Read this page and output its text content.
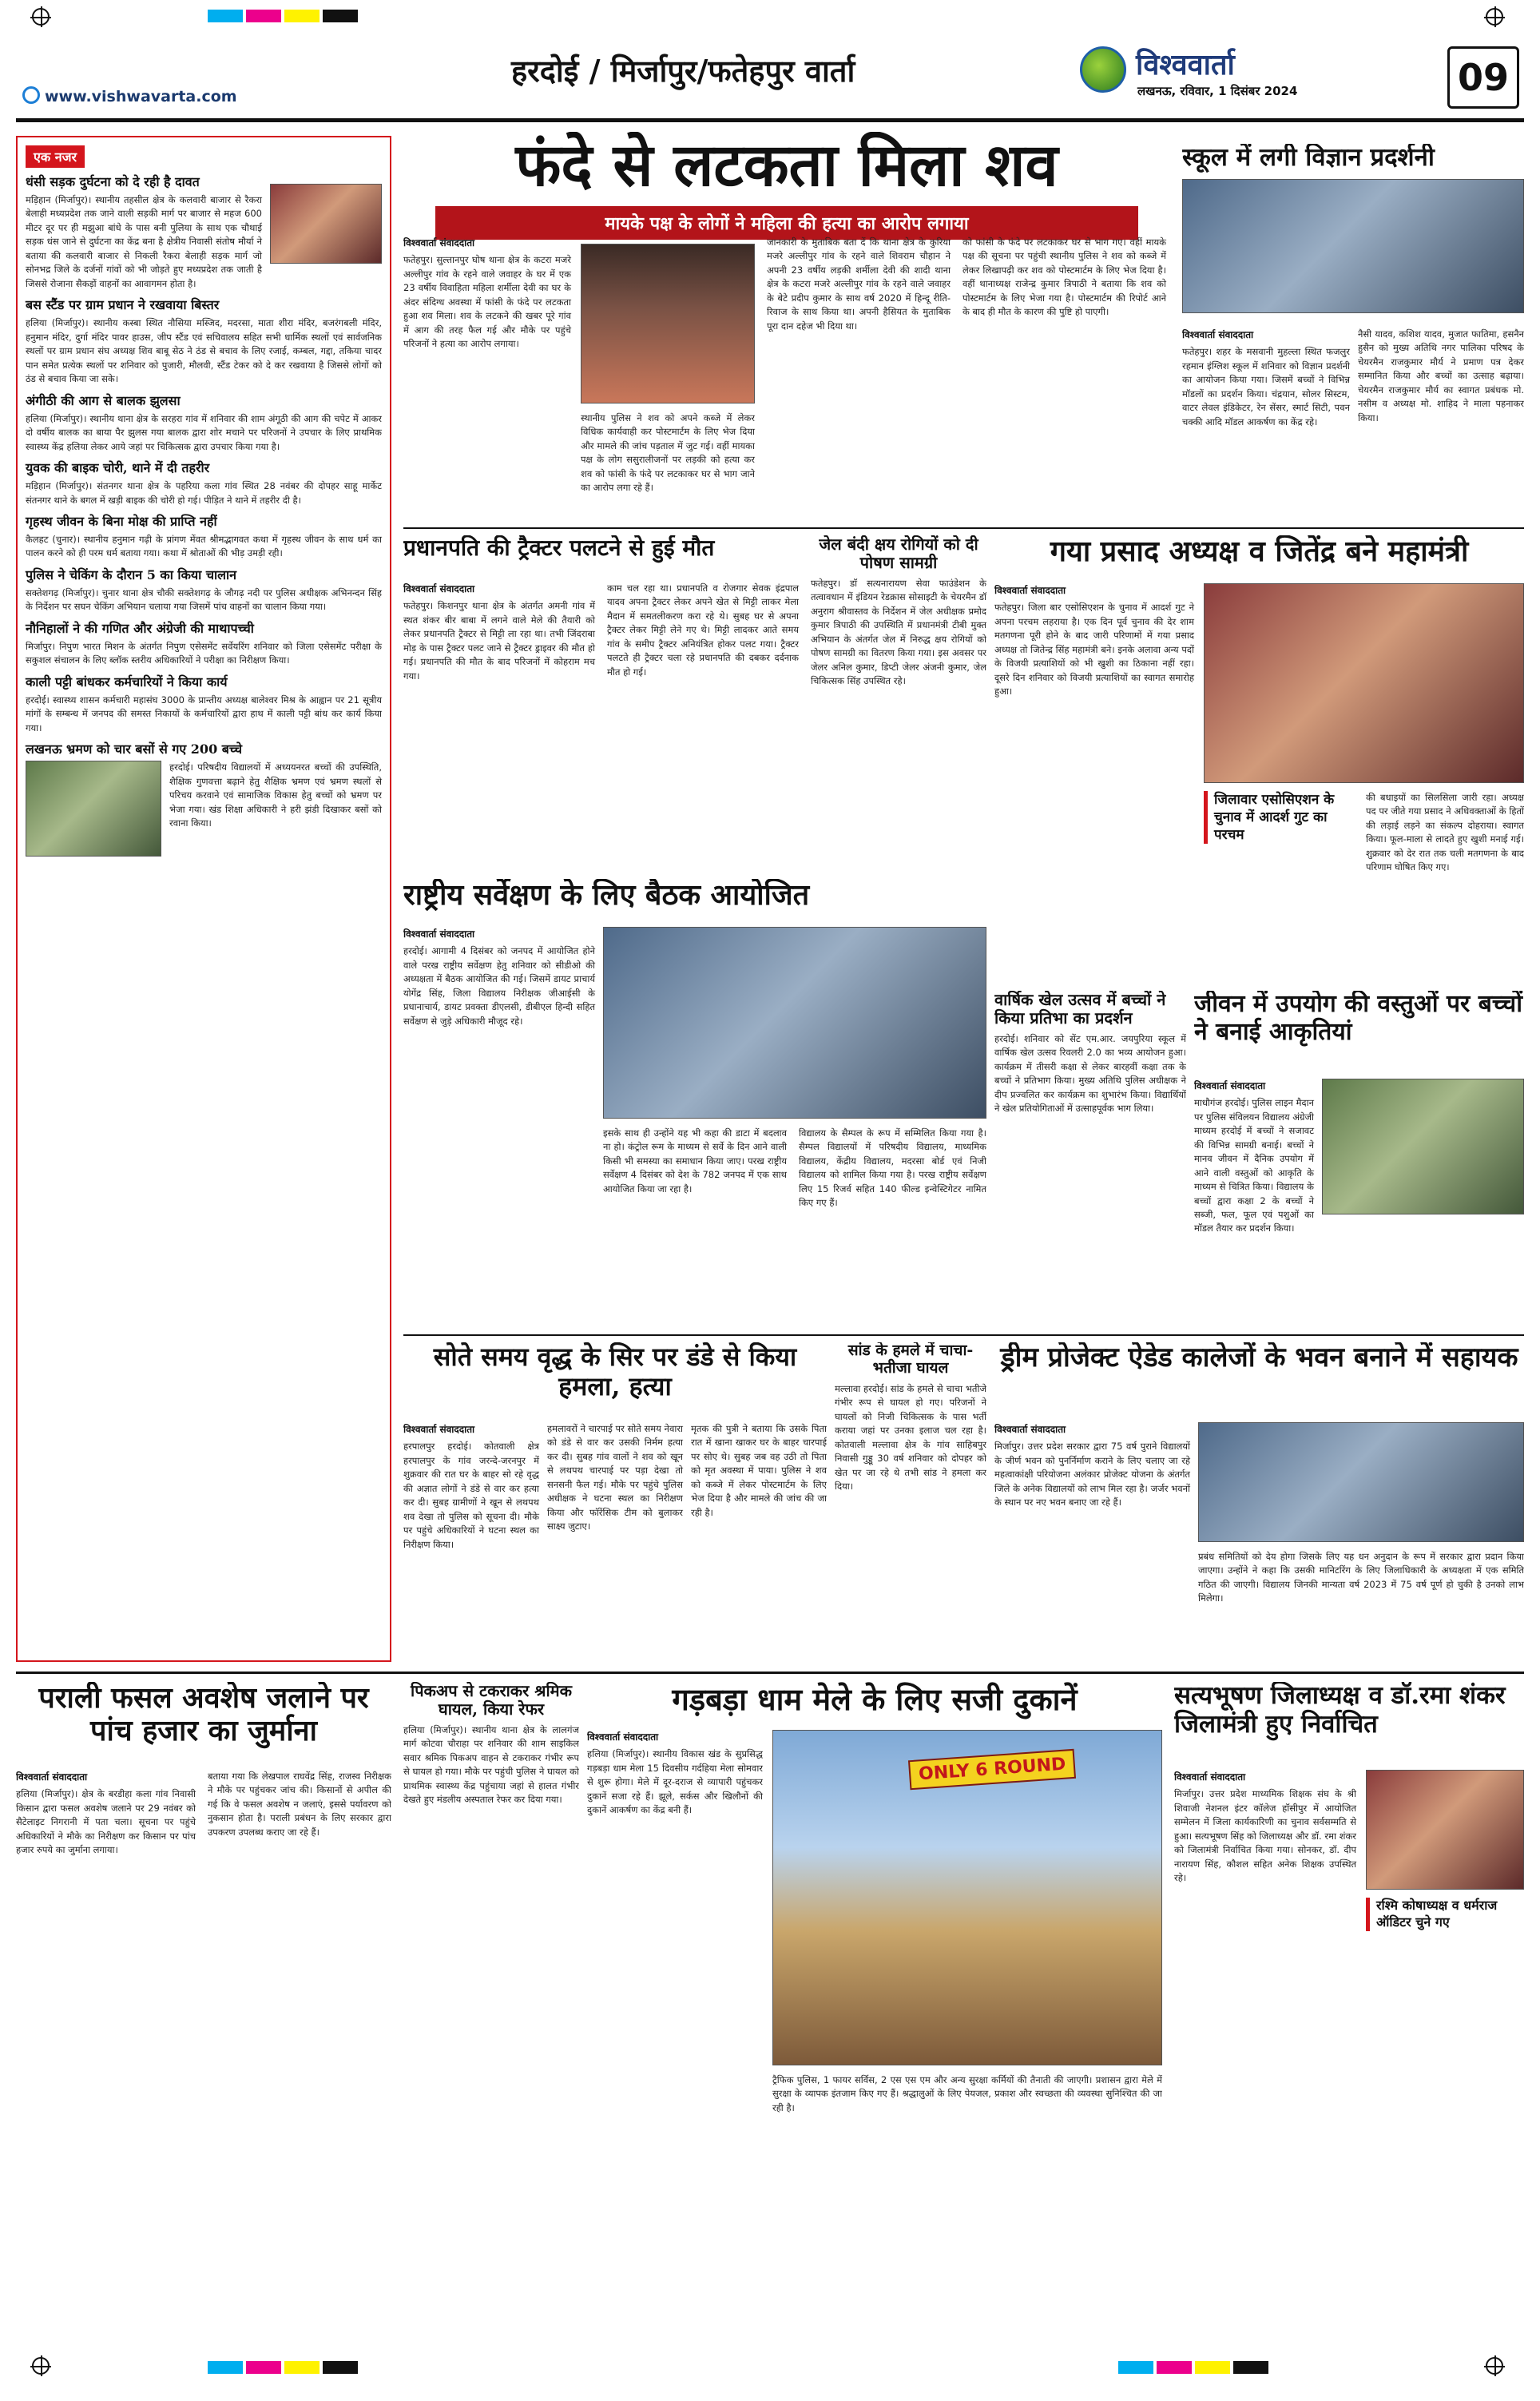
www.vishwavarta.com
हरदोई / मिर्जापुर/फतेहपुर वार्ता	विश्ववार्ता
लखनऊ, रविवार, 1 दिसंबर 2024	09
एक नजर
धंसी सड़क दुर्घटना को दे रही है दावत
मड़िहान (मिर्जापुर)। स्थानीय तहसील क्षेत्र के कलवारी बाजार से रैकरा बेलाही मध्यप्रदेश तक जाने वाली सड़की मार्ग पर बाजार से महज 600 मीटर दूर पर ही मझुआ बांधे के पास बनी पुलिया के साथ एक चौथाई सड़क धंस जाने से दुर्घटना का केंद्र बना है क्षेत्रीय निवासी संतोष मौर्या ने बताया की कलवारी बाजार से निकली रैकरा बेलाही सड़क मार्ग जो सोनभद्र जिले के दर्जनों गांवों को भी जोड़ते हुए मध्यप्रदेश तक जाती है जिससे रोजाना सैकड़ों वाहनों का आवागमन होता है।
बस स्टैंड पर ग्राम प्रधान ने रखवाया बिस्तर
हलिया (मिर्जापुर)। स्थानीय कस्बा स्थित नौसिया मस्जिद, मदरसा, माता शीरा मंदिर, बजरंगबली मंदिर, हनुमान मंदिर, दुर्गा मंदिर पावर हाउस, जीप स्टैंड एवं सचिवालय सहित सभी धार्मिक स्थलों एवं सार्वजनिक स्थलों पर ग्राम प्रधान संघ अध्यक्ष शिव बाबू सेठ ने ठंड से बचाव के लिए रजाई, कम्बल, गद्दा, तकिया चादर पान समेत प्रत्येक स्थलों पर शनिवार को पुजारी, मौलवी, स्टैंड टेकर को दे कर रखवाया है जिससे लोगों को ठंड से बचाव किया जा सके।
अंगीठी की आग से बालक झुलसा
हलिया (मिर्जापुर)। स्थानीय थाना क्षेत्र के सरहरा गांव में शनिवार की शाम अंगूठी की आग की चपेट में आकर दो वर्षीय बालक का बाया पैर झुलस गया बालक द्वारा शोर मचाने पर परिजनों ने उपचार के लिए प्राथमिक स्वास्थ्य केंद्र हलिया लेकर आये जहां पर चिकित्सक द्वारा उपचार किया गया है।
युवक की बाइक चोरी, थाने में दी तहरीर
मड़िहान (मिर्जापुर)। संतनगर थाना क्षेत्र के पहरिया कला गांव स्थित 28 नवंबर की दोपहर साहू मार्केट संतनगर थाने के बगल में खड़ी बाइक की चोरी हो गई। पीड़ित ने थाने में तहरीर दी है।
गृहस्थ जीवन के बिना मोक्ष की प्राप्ति नहीं
कैलहट (चुनार)। स्थानीय हनुमान गढ़ी के प्रांगण मेंवत श्रीमद्भागवत कथा में गृहस्थ जीवन के साथ धर्म का पालन करने को ही परम धर्म बताया गया। कथा में श्रोताओं की भीड़ उमड़ी रही।
पुलिस ने चेकिंग के दौरान 5 का किया चालान
सक्तेशगढ़ (मिर्जापुर)। चुनार थाना क्षेत्र चौकी सक्तेशगढ़ के जौगढ़ नदी पर पुलिस अधीक्षक अभिनन्दन सिंह के निर्देशन पर सघन चेकिंग अभियान चलाया गया जिसमें पांच वाहनों का चालान किया गया।
नौनिहालों ने की गणित और अंग्रेजी की माथापच्ची
मिर्जापुर। निपुण भारत मिशन के अंतर्गत निपुण एसेसमेंट सर्वेयरिंग शनिवार को जिला एसेसमेंट परीक्षा के सकुशल संचालन के लिए ब्लॉक स्तरीय अधिकारियों ने परीक्षा का निरीक्षण किया।
काली पट्टी बांधकर कर्मचारियों ने किया कार्य
हरदोई। स्वास्थ्य शासन कर्मचारी महासंघ 3000 के प्रान्तीय अध्यक्ष बालेश्वर मिश्र के आह्वान पर 21 सूत्रीय मांगों के सम्बन्ध में जनपद की समस्त निकायों के कर्मचारियों द्वारा हाथ में काली पट्टी बांध कर कार्य किया गया।
लखनऊ भ्रमण को चार बसों से गए 200 बच्चे
हरदोई। परिषदीय विद्यालयों में अध्ययनरत बच्चों की उपस्थिति, शैक्षिक गुणवत्ता बढ़ाने हेतु शैक्षिक भ्रमण एवं भ्रमण स्थलों से परिचय करवाने एवं सामाजिक विकास हेतु बच्चों को भ्रमण पर भेजा गया। खंड शिक्षा अधिकारी ने हरी झंडी दिखाकर बसों को रवाना किया।
फंदे से लटकता मिला शव
मायके पक्ष के लोगों ने महिला की हत्या का आरोप लगाया
विश्ववार्ता संवाददाता
फतेहपुर। सुल्तानपुर घोष थाना क्षेत्र के कटरा मजरे अल्लीपुर गांव के रहने वाले जवाहर के घर में एक 23 वर्षीय विवाहिता महिला शर्मीला देवी का घर के अंदर संदिग्ध अवस्था में फांसी के फंदे पर लटकता हुआ शव मिला। शव के लटकने की खबर पूरे गांव में आग की तरह फैल गई और मौके पर पहुंचे परिजनों ने हत्या का आरोप लगाया।
स्थानीय पुलिस ने शव को अपने कब्जे में लेकर विधिक कार्यवाही कर पोस्टमार्टम के लिए भेज दिया और मामले की जांच पड़ताल में जुट गई। वहीं मायका पक्ष के लोग ससुरालीजनों पर लड़की को हत्या कर शव को फांसी के फंदे पर लटकाकर घर से भाग जाने का आरोप लगा रहे हैं।
जानकारी के मुताबिक बता दें कि थाना क्षेत्र के कुरिया मजरे अल्लीपुर गांव के रहने वाले शिवराम चौहान ने अपनी 23 वर्षीय लड़की शर्मीला देवी की शादी थाना क्षेत्र के कटरा मजरे अल्लीपुर गांव के रहने वाले जवाहर के बेटे प्रदीप कुमार के साथ वर्ष 2020 में हिन्दू रीति-रिवाज के साथ किया था। अपनी हैसियत के मुताबिक पूरा दान दहेज भी दिया था।
को फांसी के फंदे पर लटकाकर घर से भाग गए। वहीं मायके पक्ष की सूचना पर पहुंची स्थानीय पुलिस ने शव को कब्जे में लेकर लिखापढ़ी कर शव को पोस्टमार्टम के लिए भेज दिया है। वहीं थानाध्यक्ष राजेन्द्र कुमार त्रिपाठी ने बताया कि शव को पोस्टमार्टम के लिए भेजा गया है। पोस्टमार्टम की रिपोर्ट आने के बाद ही मौत के कारण की पुष्टि हो पाएगी।
स्कूल में लगी विज्ञान प्रदर्शनी
विश्ववार्ता संवाददाता
फतेहपुर। शहर के मसवानी मुहल्ला स्थित फजलुर रहमान इंग्लिश स्कूल में शनिवार को विज्ञान प्रदर्शनी का आयोजन किया गया। जिसमें बच्चों ने विभिन्न मॉडलों का प्रदर्शन किया। चंद्रयान, सोलर सिस्टम, वाटर लेवल इंडिकेटर, रेन सेंसर, स्मार्ट सिटी, पवन चक्की आदि मॉडल आकर्षण का केंद्र रहे।
नैसी यादव, कशिश यादव, मुजात फातिमा, हसनैन हुसैन को मुख्य अतिथि नगर पालिका परिषद के चेयरमैन राजकुमार मौर्य ने प्रमाण पत्र देकर सम्मानित किया और बच्चों का उत्साह बढ़ाया। चेयरमैन राजकुमार मौर्य का स्वागत प्रबंधक मो. नसीम व अध्यक्ष मो. शाहिद ने माला पहनाकर किया।
प्रधानपति की ट्रैक्टर पलटने से हुई मौत
विश्ववार्ता संवाददाता
फतेहपुर। किशनपुर थाना क्षेत्र के अंतर्गत अमनी गांव में स्थत शंकर बीर बाबा में लगने वाले मेले की तैयारी को लेकर प्रधानपति ट्रैक्टर से मिट्टी ला रहा था। तभी जिंदराबा मोड़ के पास ट्रैक्टर पलट जाने से ट्रैक्टर ड्राइवर की मौत हो गई। प्रधानपति की मौत के बाद परिजनों में कोहराम मच गया।
काम चल रहा था। प्रधानपति व रोजगार सेवक इंद्रपाल यादव अपना ट्रैक्टर लेकर अपने खेत से मिट्टी लाकर मेला मैदान में समतलीकरण करा रहे थे। सुबह घर से अपना ट्रैक्टर लेकर मिट्टी लेने गए थे। मिट्टी लादकर आते समय गांव के समीप ट्रैक्टर अनियंत्रित होकर पलट गया। ट्रैक्टर पलटते ही ट्रैक्टर चला रहे प्रधानपति की दबकर दर्दनाक मौत हो गई।
जेल बंदी क्षय रोगियों को दी पोषण सामग्री
फतेहपुर। डॉ सत्यनारायण सेवा फाउंडेशन के तत्वावधान में इंडियन रेडक्रास सोसाइटी के चेयरमैन डॉ अनुराग श्रीवास्तव के निर्देशन में जेल अधीक्षक प्रमोद कुमार त्रिपाठी की उपस्थिति में प्रधानमंत्री टीबी मुक्त अभियान के अंतर्गत जेल में निरुद्ध क्षय रोगियों को पोषण सामग्री का वितरण किया गया। इस अवसर पर जेलर अनिल कुमार, डिप्टी जेलर अंजनी कुमार, जेल चिकित्सक सिंह उपस्थित रहे।
गया प्रसाद अध्यक्ष व जितेंद्र बने महामंत्री
विश्ववार्ता संवाददाता
फतेहपुर। जिला बार एसोसिएशन के चुनाव में आदर्श गुट ने अपना परचम लहराया है। एक दिन पूर्व चुनाव की देर शाम मतगणना पूरी होने के बाद जारी परिणामों में गया प्रसाद अध्यक्ष तो जितेन्द्र सिंह महामंत्री बने। इनके अलावा अन्य पदों के विजयी प्रत्याशियों को भी खुशी का ठिकाना नहीं रहा। दूसरे दिन शनिवार को विजयी प्रत्याशियों का स्वागत समारोह हुआ।
जिलावार एसोसिएशन के चुनाव में आदर्श गुट का परचम
की बधाइयों का सिलसिला जारी रहा। अध्यक्ष पद पर जीते गया प्रसाद ने अधिवक्ताओं के हितों की लड़ाई लड़ने का संकल्प दोहराया। स्वागत किया। फूल-माला से लादते हुए खुशी मनाई गई। शुक्रवार को देर रात तक चली मतगणना के बाद परिणाम घोषित किए गए।
राष्ट्रीय सर्वेक्षण के लिए बैठक आयोजित
विश्ववार्ता संवाददाता
हरदोई। आगामी 4 दिसंबर को जनपद में आयोजित होने वाले परख राष्ट्रीय सर्वेक्षण हेतु शनिवार को सीडीओ की अध्यक्षता में बैठक आयोजित की गई। जिसमें डायट प्राचार्य योगेंद्र सिंह, जिला विद्यालय निरीक्षक जीआईसी के प्रधानाचार्य, डायट प्रवक्ता डीएलसी, डीबीएल हिन्दी सहित सर्वेक्षण से जुड़े अधिकारी मौजूद रहे।
इसके साथ ही उन्होंने यह भी कहा की डाटा में बदलाव ना हो। कंट्रोल रूम के माध्यम से सर्वे के दिन आने वाली किसी भी समस्या का समाधान किया जाए। परख राष्ट्रीय सर्वेक्षण 4 दिसंबर को देश के 782 जनपद में एक साथ आयोजित किया जा रहा है।
विद्यालय के सैम्पल के रूप में सम्मिलित किया गया है। सैम्पल विद्यालयों में परिषदीय विद्यालय, माध्यमिक विद्यालय, केंद्रीय विद्यालय, मदरसा बोर्ड एवं निजी विद्यालय को शामिल किया गया है। परख राष्ट्रीय सर्वेक्षण लिए 15 रिजर्व सहित 140 फील्ड इन्वेस्टिगेटर नामित किए गए हैं।
वार्षिक खेल उत्सव में बच्चों ने किया प्रतिभा का प्रदर्शन
हरदोई। शनिवार को सेंट एम.आर. जयपुरिया स्कूल में वार्षिक खेल उत्सव रिवलरी 2.0 का भव्य आयोजन हुआ। कार्यक्रम में तीसरी कक्षा से लेकर बारहवीं कक्षा तक के बच्चों ने प्रतिभाग किया। मुख्य अतिथि पुलिस अधीक्षक ने दीप प्रज्वलित कर कार्यक्रम का शुभारंभ किया। विद्यार्थियों ने खेल प्रतियोगिताओं में उत्साहपूर्वक भाग लिया।
जीवन में उपयोग की वस्तुओं पर बच्चों ने बनाई आकृतियां
विश्ववार्ता संवाददाता
माधौगंज हरदोई। पुलिस लाइन मैदान पर पुलिस संविलयन विद्यालय अंग्रेजी माध्यम हरदोई में बच्चों ने सजावट की विभिन्न सामग्री बनाई। बच्चों ने मानव जीवन में दैनिक उपयोग में आने वाली वस्तुओं को आकृति के माध्यम से चित्रित किया। विद्यालय के बच्चों द्वारा कक्षा 2 के बच्चों ने सब्जी, फल, फूल एवं पशुओं का मॉडल तैयार कर प्रदर्शन किया।
सोते समय वृद्ध के सिर पर डंडे से किया हमला, हत्या
विश्ववार्ता संवाददाता
हरपालपुर हरदोई। कोतवाली क्षेत्र हरपालपुर के गांव जरन्दे-जरनपुर में शुक्रवार की रात घर के बाहर सो रहे वृद्ध की अज्ञात लोगों ने डंडे से वार कर हत्या कर दी। सुबह ग्रामीणों ने खून से लथपथ शव देखा तो पुलिस को सूचना दी। मौके पर पहुंचे अधिकारियों ने घटना स्थल का निरीक्षण किया।
हमलावरों ने चारपाई पर सोते समय नेवारा को डंडे से वार कर उसकी निर्मम हत्या कर दी। सुबह गांव वालों ने शव को खून से लथपथ चारपाई पर पड़ा देखा तो सनसनी फैल गई। मौके पर पहुंचे पुलिस अधीक्षक ने घटना स्थल का निरीक्षण किया और फॉरेंसिक टीम को बुलाकर साक्ष्य जुटाए।
मृतक की पुत्री ने बताया कि उसके पिता रात में खाना खाकर घर के बाहर चारपाई पर सोए थे। सुबह जब वह उठी तो पिता को मृत अवस्था में पाया। पुलिस ने शव को कब्जे में लेकर पोस्टमार्टम के लिए भेज दिया है और मामले की जांच की जा रही है।
सांड के हमले में चाचा-भतीजा घायल
मल्लावा हरदोई। सांड के हमले से चाचा भतीजे गंभीर रूप से घायल हो गए। परिजनों ने घायलों को निजी चिकित्सक के पास भर्ती कराया जहां पर उनका इलाज चल रहा है। कोतवाली मल्लावा क्षेत्र के गांव साहिबपुर निवासी गुड्डू 30 वर्ष शनिवार को दोपहर को खेत पर जा रहे थे तभी सांड ने हमला कर दिया।
ड्रीम प्रोजेक्ट ऐडेड कालेजों के भवन बनाने में सहायक
विश्ववार्ता संवाददाता
मिर्जापुर। उत्तर प्रदेश सरकार द्वारा 75 वर्ष पुराने विद्यालयों के जीर्ण भवन को पुनर्निर्माण कराने के लिए चलाए जा रहे महत्वाकांक्षी परियोजना अलंकार प्रोजेक्ट योजना के अंतर्गत जिले के अनेक विद्यालयों को लाभ मिल रहा है। जर्जर भवनों के स्थान पर नए भवन बनाए जा रहे हैं।
प्रबंध समितियों को देय होगा जिसके लिए यह धन अनुदान के रूप में सरकार द्वारा प्रदान किया जाएगा। उन्होंने ने कहा कि उसकी मानिटरिंग के लिए जिलाधिकारी के अध्यक्षता में एक समिति गठित की जाएगी। विद्यालय जिनकी मान्यता वर्ष 2023 में 75 वर्ष पूर्ण हो चुकी है उनको लाभ मिलेगा।
पराली फसल अवशेष जलाने पर पांच हजार का जुर्माना
विश्ववार्ता संवाददाता
हलिया (मिर्जापुर)। क्षेत्र के बरडीहा कला गांव निवासी किसान द्वारा फसल अवशेष जलाने पर 29 नवंबर को सैटेलाइट निगरानी में पता चला। सूचना पर पहुंचे अधिकारियों ने मौके का निरीक्षण कर किसान पर पांच हजार रुपये का जुर्माना लगाया।
बताया गया कि लेखपाल राघवेंद्र सिंह, राजस्व निरीक्षक ने मौके पर पहुंचकर जांच की। किसानों से अपील की गई कि वे फसल अवशेष न जलाएं, इससे पर्यावरण को नुकसान होता है। पराली प्रबंधन के लिए सरकार द्वारा उपकरण उपलब्ध कराए जा रहे हैं।
पिकअप से टकराकर श्रमिक घायल, किया रेफर
हलिया (मिर्जापुर)। स्थानीय थाना क्षेत्र के लालगंज मार्ग कोटवा चौराहा पर शनिवार की शाम साइकिल सवार श्रमिक पिकअप वाहन से टकराकर गंभीर रूप से घायल हो गया। मौके पर पहुंची पुलिस ने घायल को प्राथमिक स्वास्थ्य केंद्र पहुंचाया जहां से हालत गंभीर देखते हुए मंडलीय अस्पताल रेफर कर दिया गया।
गड़बड़ा धाम मेले के लिए सजी दुकानें
विश्ववार्ता संवाददाता
हलिया (मिर्जापुर)। स्थानीय विकास खंड के सुप्रसिद्ध गड़बड़ा धाम मेला 15 दिवसीय गर्दहिया मेला सोमवार से शुरू होगा। मेले में दूर-दराज से व्यापारी पहुंचकर दुकानें सजा रहे हैं। झूले, सर्कस और खिलौनों की दुकानें आकर्षण का केंद्र बनी हैं।
ONLY 6 ROUND
ट्रैफिक पुलिस, 1 फायर सर्विस, 2 एस एस एम और अन्य सुरक्षा कर्मियों की तैनाती की जाएगी। प्रशासन द्वारा मेले में सुरक्षा के व्यापक इंतजाम किए गए हैं। श्रद्धालुओं के लिए पेयजल, प्रकाश और स्वच्छता की व्यवस्था सुनिश्चित की जा रही है।
सत्यभूषण जिलाध्यक्ष व डॉ.रमा शंकर जिलामंत्री हुए निर्वाचित
विश्ववार्ता संवाददाता
मिर्जापुर। उत्तर प्रदेश माध्यमिक शिक्षक संघ के श्री शिवाजी नेशनल इंटर कॉलेज हॉसीपुर में आयोजित सम्मेलन में जिला कार्यकारिणी का चुनाव सर्वसम्मति से हुआ। सत्यभूषण सिंह को जिलाध्यक्ष और डॉ. रमा शंकर को जिलामंत्री निर्वाचित किया गया। सोनकर, डॉ. दीप नारायण सिंह, कौशल सहित अनेक शिक्षक उपस्थित रहे।
रश्मि कोषाध्यक्ष व धर्मराज ऑडिटर चुने गए
